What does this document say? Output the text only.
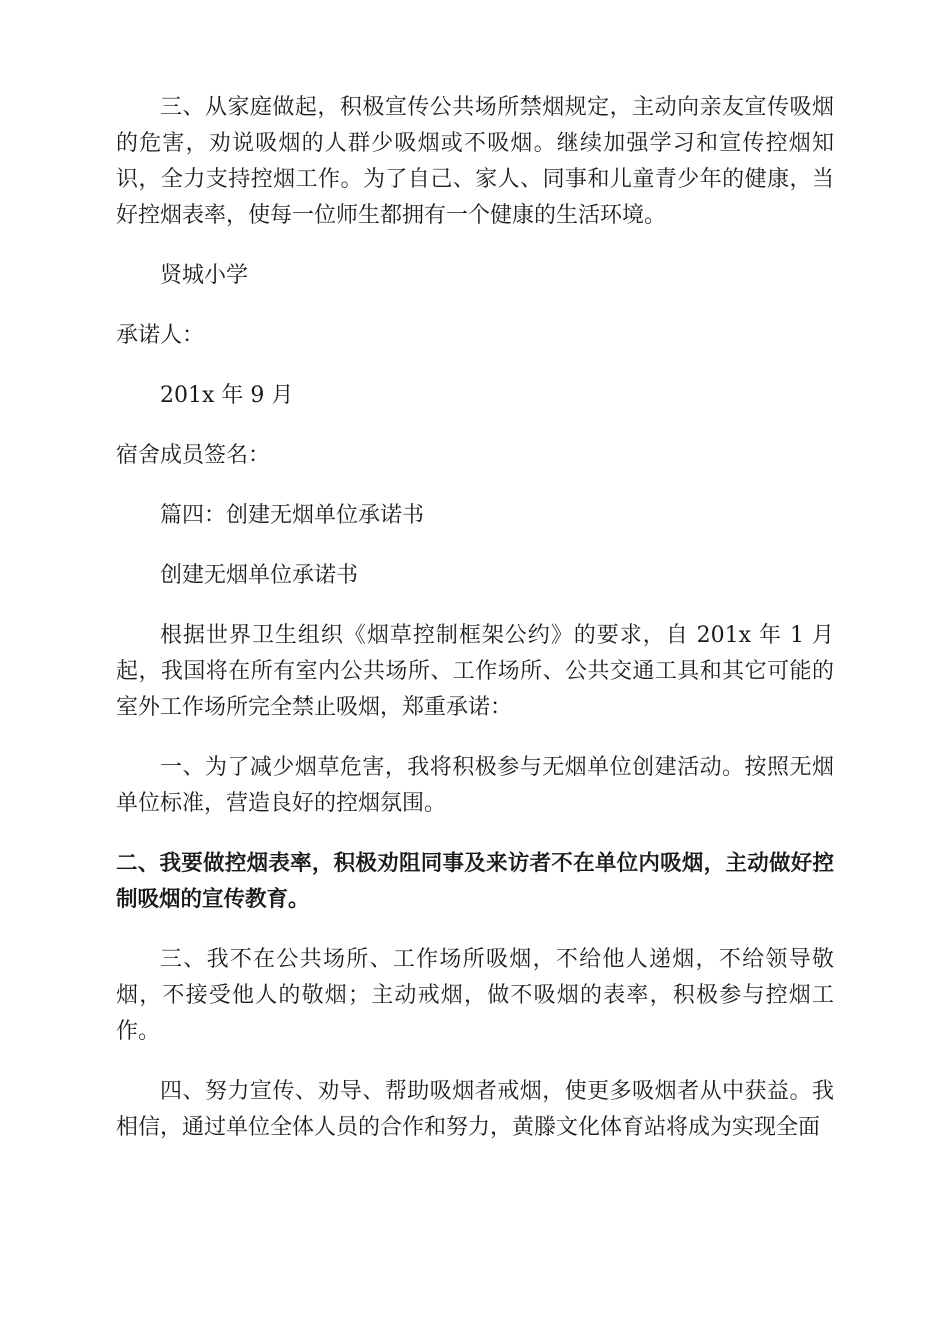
三、从家庭做起，积极宣传公共场所禁烟规定，主动向亲友宣传吸烟的危害，劝说吸烟的人群少吸烟或不吸烟。继续加强学习和宣传控烟知识，全力支持控烟工作。为了自己、家人、同事和儿童青少年的健康，当好控烟表率，使每一位师生都拥有一个健康的生活环境。

贤城小学

承诺人：

201x 年 9 月

宿舍成员签名：

篇四：创建无烟单位承诺书

创建无烟单位承诺书

根据世界卫生组织《烟草控制框架公约》的要求，自 201x 年 1 月起，我国将在所有室内公共场所、工作场所、公共交通工具和其它可能的室外工作场所完全禁止吸烟，郑重承诺：

一、为了减少烟草危害，我将积极参与无烟单位创建活动。按照无烟单位标准，营造良好的控烟氛围。

二、我要做控烟表率，积极劝阻同事及来访者不在单位内吸烟，主动做好控制吸烟的宣传教育。

三、我不在公共场所、工作场所吸烟，不给他人递烟，不给领导敬烟，不接受他人的敬烟；主动戒烟，做不吸烟的表率，积极参与控烟工作。

四、努力宣传、劝导、帮助吸烟者戒烟，使更多吸烟者从中获益。我相信，通过单位全体人员的合作和努力，黄滕文化体育站将成为实现全面
